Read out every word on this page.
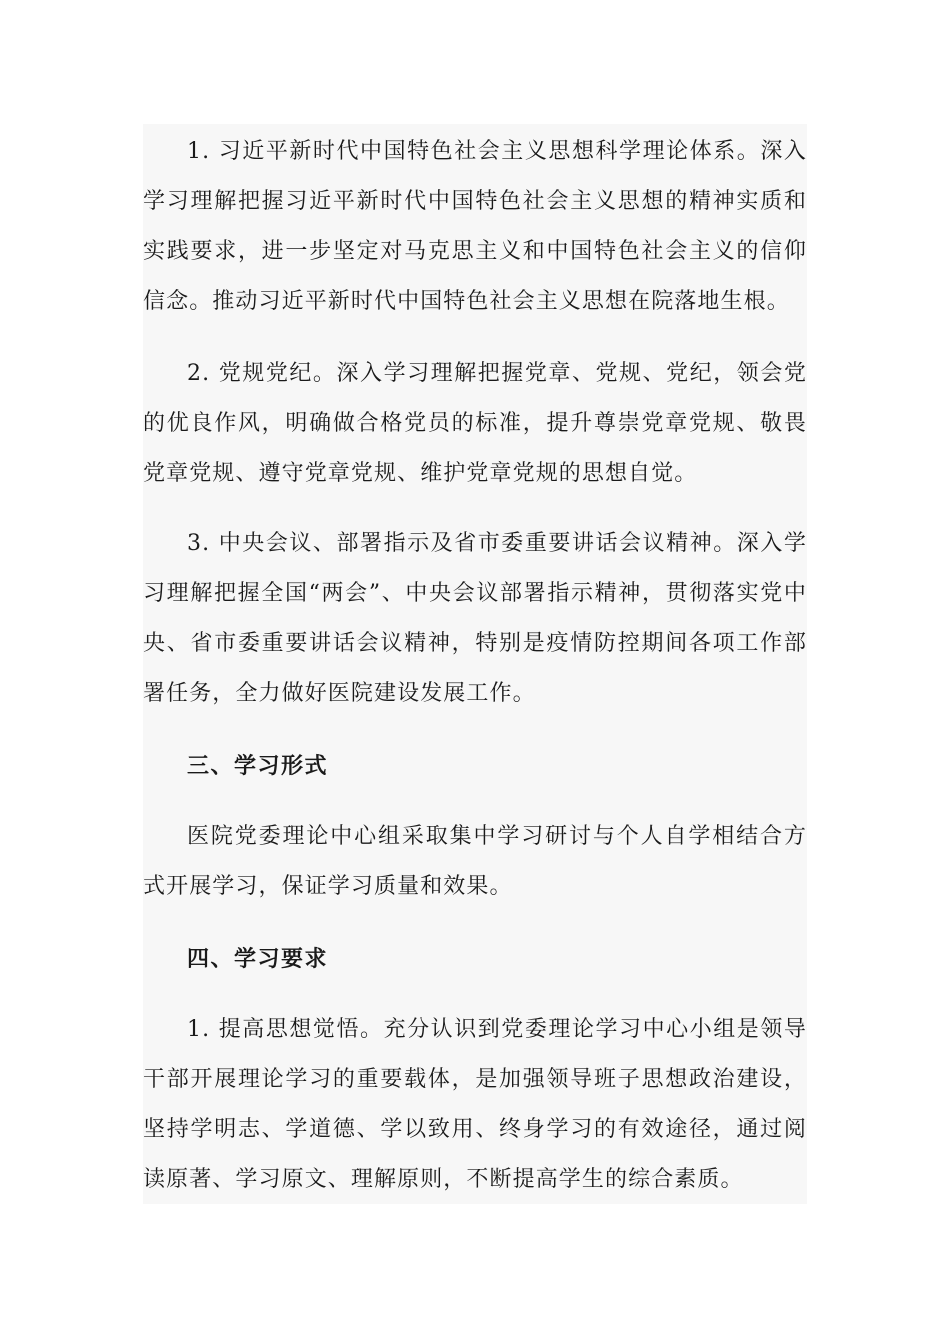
1. 习近平新时代中国特色社会主义思想科学理论体系。深入学习理解把握习近平新时代中国特色社会主义思想的精神实质和实践要求，进一步坚定对马克思主义和中国特色社会主义的信仰信念。推动习近平新时代中国特色社会主义思想在院落地生根。

2. 党规党纪。深入学习理解把握党章、党规、党纪，领会党的优良作风，明确做合格党员的标准，提升尊崇党章党规、敬畏党章党规、遵守党章党规、维护党章党规的思想自觉。

3. 中央会议、部署指示及省市委重要讲话会议精神。深入学习理解把握全国“两会”、中央会议部署指示精神，贯彻落实党中央、省市委重要讲话会议精神，特别是疫情防控期间各项工作部署任务，全力做好医院建设发展工作。

三、学习形式

医院党委理论中心组采取集中学习研讨与个人自学相结合方式开展学习，保证学习质量和效果。

四、学习要求

1. 提高思想觉悟。充分认识到党委理论学习中心小组是领导干部开展理论学习的重要载体，是加强领导班子思想政治建设，坚持学明志、学道德、学以致用、终身学习的有效途径，通过阅读原著、学习原文、理解原则，不断提高学生的综合素质。
